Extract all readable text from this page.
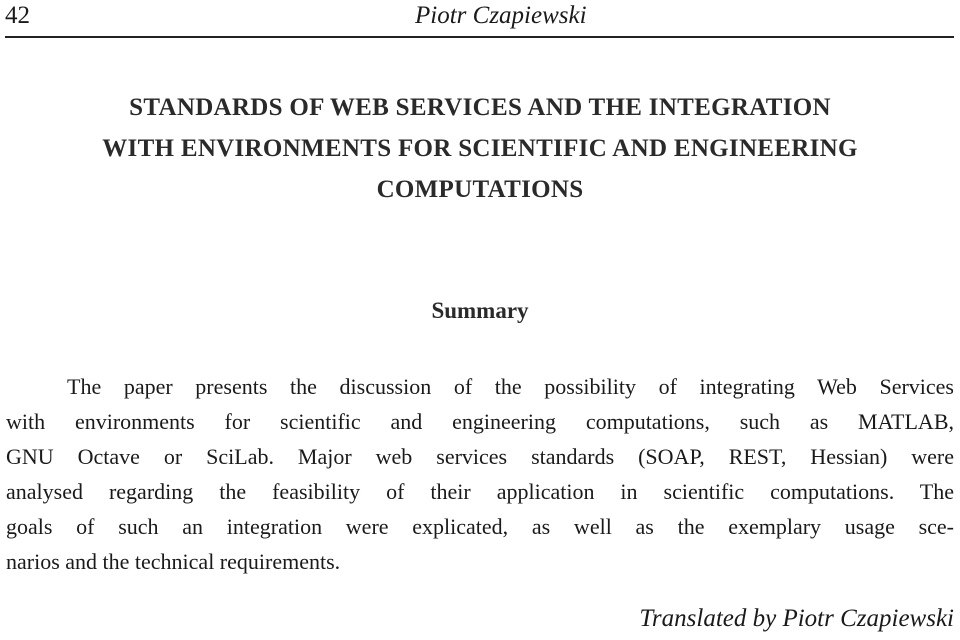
42	Piotr Czapiewski
STANDARDS OF WEB SERVICES AND THE INTEGRATION
WITH ENVIRONMENTS FOR SCIENTIFIC AND ENGINEERING
COMPUTATIONS
Summary
The paper presents the discussion of the possibility of integrating Web Services
with environments for scientific and engineering computations, such as MATLAB,
GNU Octave or SciLab. Major web services standards (SOAP, REST, Hessian) were
analysed regarding the feasibility of their application in scientific computations. The
goals of such an integration were explicated, as well as the exemplary usage sce-
narios and the technical requirements.
Translated by Piotr Czapiewski
